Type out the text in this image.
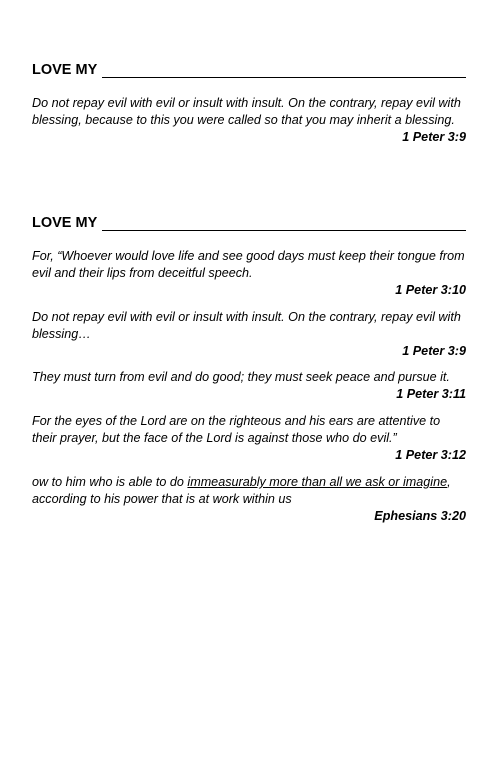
LOVE MY

Do not repay evil with evil or insult with insult. On the contrary, repay evil with blessing, because to this you were called so that you may inherit a blessing.

1 Peter 3:9

LOVE MY

For, “Whoever would love life and see good days must keep their tongue from evil and their lips from deceitful speech.

1 Peter 3:10

Do not repay evil with evil or insult with insult. On the contrary, repay evil with blessing…

1 Peter 3:9

They must turn from evil and do good; they must seek peace and pursue it.

1 Peter 3:11

For the eyes of the Lord are on the righteous and his ears are attentive to their prayer, but the face of the Lord is against those who do evil.”

1 Peter 3:12

ow to him who is able to do immeasurably more than all we ask or imagine, according to his power that is at work within us

Ephesians 3:20
